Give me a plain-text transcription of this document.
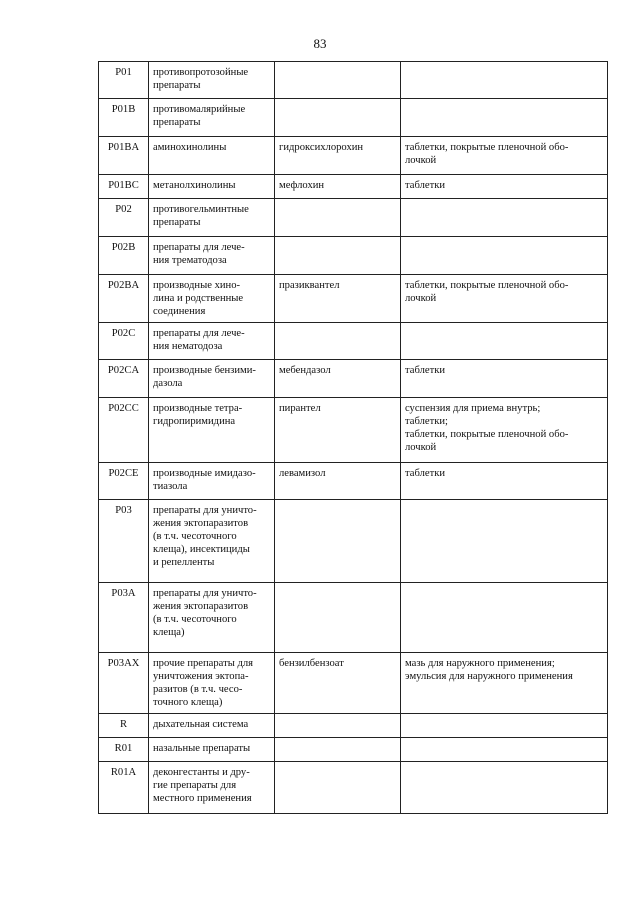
83
P01	противопротозойные
препараты		
P01B	противомалярийные
препараты		
P01BA	аминохинолины	гидроксихлорохин	таблетки, покрытые пленочной обо-
лочкой
P01BC	метанолхинолины	мефлохин	таблетки
P02	противогельминтные
препараты		
P02B	препараты для лече-
ния трематодоза		
P02BA	производные хино-
лина и родственные
соединения	празиквантел	таблетки, покрытые пленочной обо-
лочкой
P02C	препараты для лече-
ния нематодоза		
P02CA	производные бензими-
дазола	мебендазол	таблетки
P02CC	производные тетра-
гидропиримидина	пирантел	суспензия для приема внутрь;
таблетки;
таблетки, покрытые пленочной обо-
лочкой
P02CE	производные имидазо-
тиазола	левамизол	таблетки
P03	препараты для уничто-
жения эктопаразитов
(в т.ч. чесоточного
клеща), инсектициды
и репелленты		
P03A	препараты для уничто-
жения эктопаразитов
(в т.ч. чесоточного
клеща)		
P03AX	прочие препараты для
уничтожения эктопа-
разитов (в т.ч. чесо-
точного клеща)	бензилбензоат	мазь для наружного применения;
эмульсия для наружного применения
R	дыхательная система		
R01	назальные препараты		
R01A	деконгестанты и дру-
гие препараты для
местного применения		
